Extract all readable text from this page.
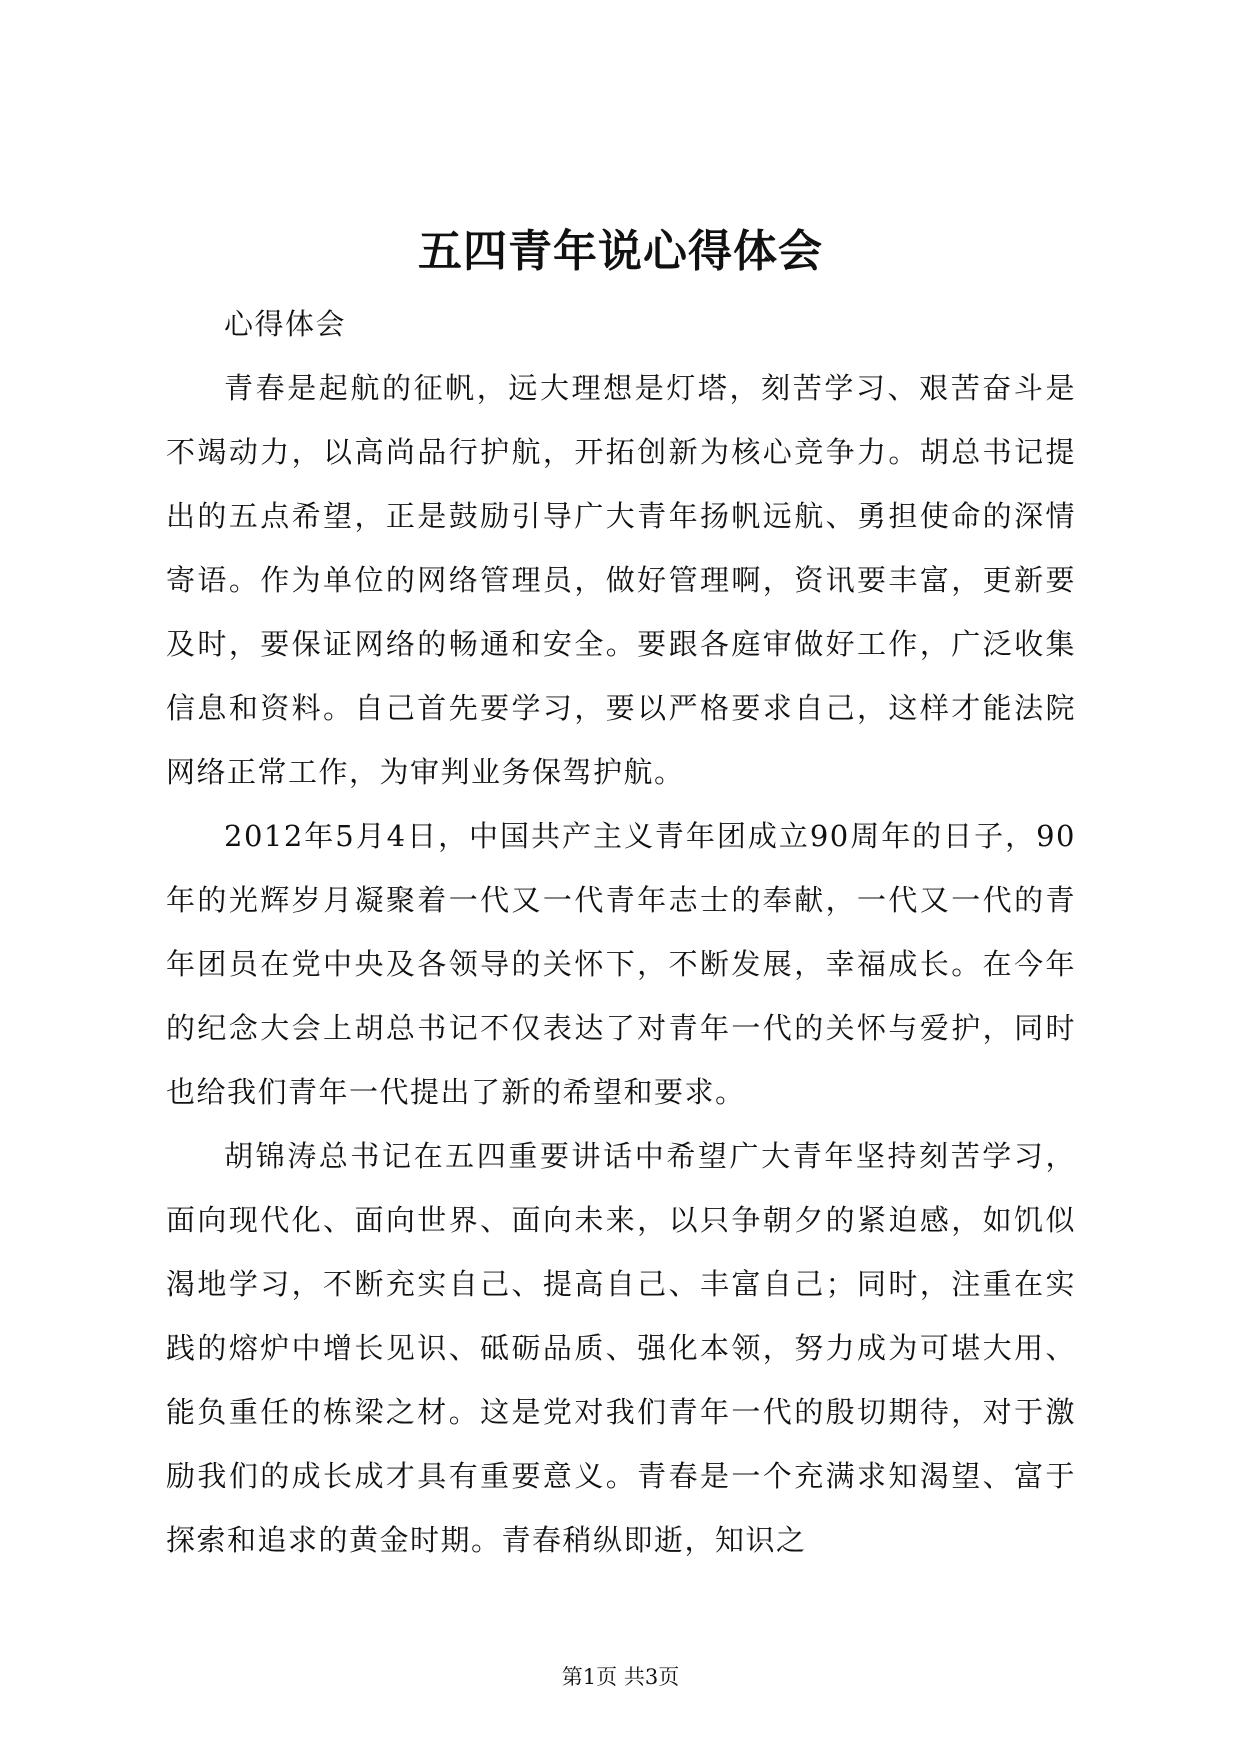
五四青年说心得体会

心得体会

青春是起航的征帆，远大理想是灯塔，刻苦学习、艰苦奋斗是不竭动力，以高尚品行护航，开拓创新为核心竞争力。胡总书记提出的五点希望，正是鼓励引导广大青年扬帆远航、勇担使命的深情寄语。作为单位的网络管理员，做好管理啊，资讯要丰富，更新要及时，要保证网络的畅通和安全。要跟各庭审做好工作，广泛收集信息和资料。自己首先要学习，要以严格要求自己，这样才能法院网络正常工作，为审判业务保驾护航。

2012年5月4日，中国共产主义青年团成立90周年的日子，90年的光辉岁月凝聚着一代又一代青年志士的奉献，一代又一代的青年团员在党中央及各领导的关怀下，不断发展，幸福成长。在今年的纪念大会上胡总书记不仅表达了对青年一代的关怀与爱护，同时也给我们青年一代提出了新的希望和要求。

胡锦涛总书记在五四重要讲话中希望广大青年坚持刻苦学习，面向现代化、面向世界、面向未来，以只争朝夕的紧迫感，如饥似渴地学习，不断充实自己、提高自己、丰富自己；同时，注重在实践的熔炉中增长见识、砥砺品质、强化本领，努力成为可堪大用、能负重任的栋梁之材。这是党对我们青年一代的殷切期待，对于激励我们的成长成才具有重要意义。青春是一个充满求知渴望、富于探索和追求的黄金时期。青春稍纵即逝，知识之

第1页 共3页
